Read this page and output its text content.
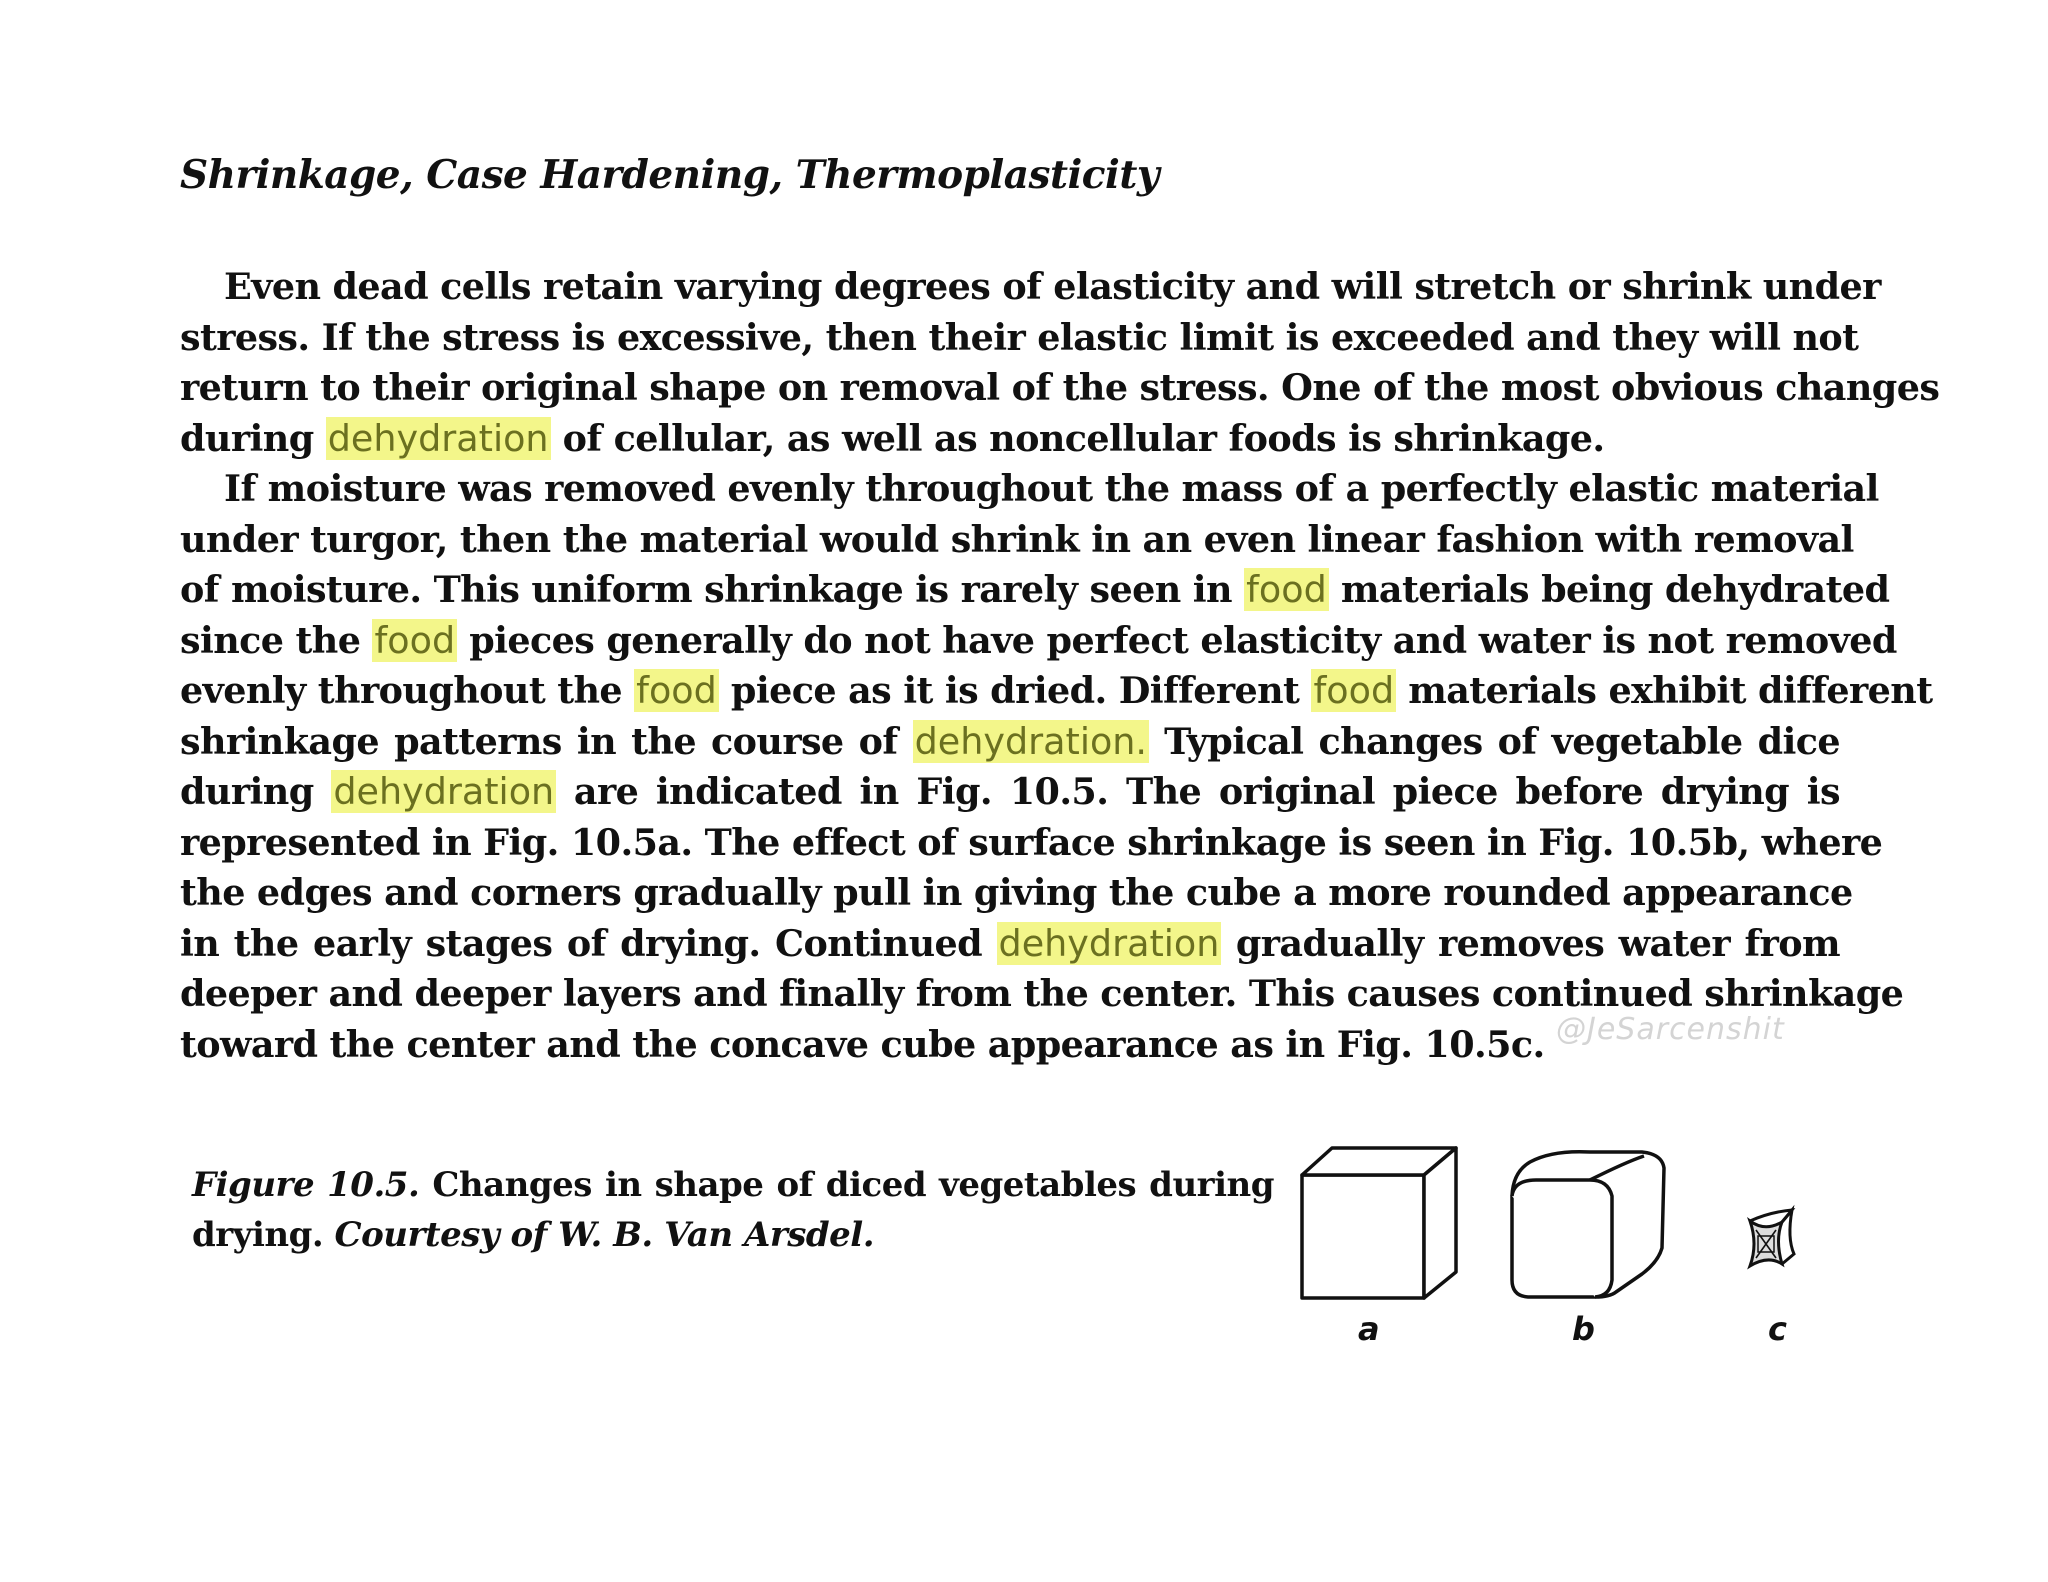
Shrinkage, Case Hardening, Thermoplasticity
Even dead cells retain varying degrees of elasticity and will stretch or shrink under
stress. If the stress is excessive, then their elastic limit is exceeded and they will not
return to their original shape on removal of the stress. One of the most obvious changes
during dehydration of cellular, as well as noncellular foods is shrinkage.
If moisture was removed evenly throughout the mass of a perfectly elastic material
under turgor, then the material would shrink in an even linear fashion with removal
of moisture. This uniform shrinkage is rarely seen in food materials being dehydrated
since the food pieces generally do not have perfect elasticity and water is not removed
evenly throughout the food piece as it is dried. Different food materials exhibit different
shrinkage patterns in the course of dehydration. Typical changes of vegetable dice
during dehydration are indicated in Fig. 10.5. The original piece before drying is
represented in Fig. 10.5a. The effect of surface shrinkage is seen in Fig. 10.5b, where
the edges and corners gradually pull in giving the cube a more rounded appearance
in the early stages of drying. Continued dehydration gradually removes water from
deeper and deeper layers and finally from the center. This causes continued shrinkage
toward the center and the concave cube appearance as in Fig. 10.5c. @JeSarcenshit
Figure 10.5. Changes in shape of diced vegetables during
drying. Courtesy of W. B. Van Arsdel.
a	b	c
